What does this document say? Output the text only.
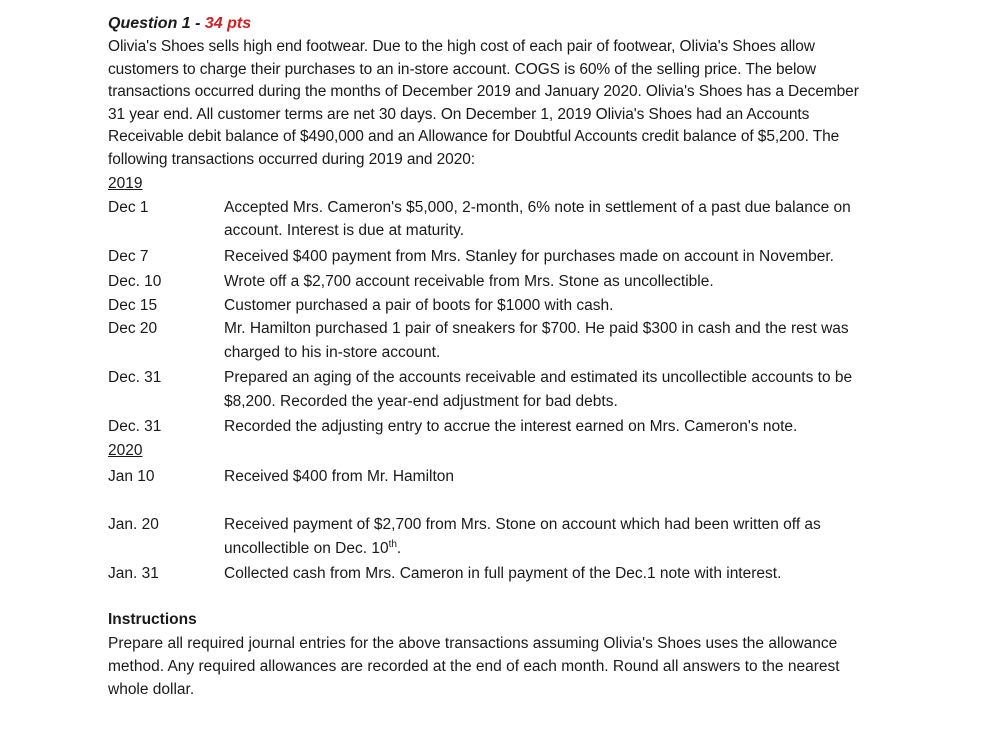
Question 1 - 34 pts

Olivia's Shoes sells high end footwear. Due to the high cost of each pair of footwear, Olivia's Shoes allow customers to charge their purchases to an in-store account. COGS is 60% of the selling price. The below transactions occurred during the months of December 2019 and January 2020. Olivia's Shoes has a December 31 year end. All customer terms are net 30 days. On December 1, 2019 Olivia's Shoes had an Accounts Receivable debit balance of $490,000 and an Allowance for Doubtful Accounts credit balance of $5,200. The following transactions occurred during 2019 and 2020:

2019
Dec 1	Accepted Mrs. Cameron's $5,000, 2-month, 6% note in settlement of a past due balance on account. Interest is due at maturity.
Dec 7	Received $400 payment from Mrs. Stanley for purchases made on account in November.
Dec. 10	Wrote off a $2,700 account receivable from Mrs. Stone as uncollectible.
Dec 15	Customer purchased a pair of boots for $1000 with cash.
Dec 20	Mr. Hamilton purchased 1 pair of sneakers for $700. He paid $300 in cash and the rest was charged to his in-store account.
Dec. 31	Prepared an aging of the accounts receivable and estimated its uncollectible accounts to be $8,200. Recorded the year-end adjustment for bad debts.
Dec. 31	Recorded the adjusting entry to accrue the interest earned on Mrs. Cameron's note.
2020
Jan 10	Received $400 from Mr. Hamilton
Jan. 20	Received payment of $2,700 from Mrs. Stone on account which had been written off as uncollectible on Dec. 10th.
Jan. 31	Collected cash from Mrs. Cameron in full payment of the Dec.1 note with interest.
Instructions

Prepare all required journal entries for the above transactions assuming Olivia's Shoes uses the allowance method. Any required allowances are recorded at the end of each month. Round all answers to the nearest whole dollar.
